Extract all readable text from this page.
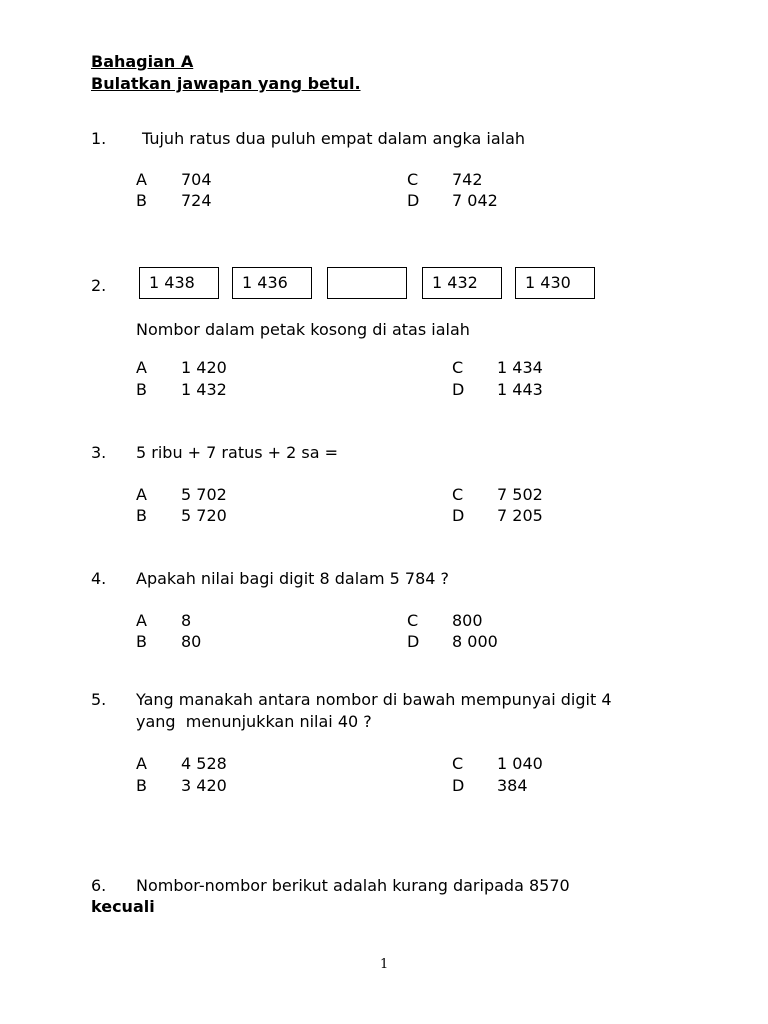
Bahagian A
Bulatkan jawapan yang betul.
1. Tujuh ratus dua puluh empat dalam angka ialah
A 704
B 724
C 742
D 7 042
2.	1 438	1 436	1 432	1 430
Nombor dalam petak kosong di atas ialah
A 1 420
B 1 432
C 1 434
D 1 443
3. 5 ribu + 7 ratus + 2 sa =
A 5 702
B 5 720
C 7 502
D 7 205
4. Apakah nilai bagi digit 8 dalam 5 784 ?
A 8
B 80
C 800
D 8 000
5. Yang manakah antara nombor di bawah mempunyai digit 4
yang  menunjukkan nilai 40 ?
A 4 528
B 3 420
C 1 040
D 384
6. Nombor-nombor berikut adalah kurang daripada 8570
kecuali
1
